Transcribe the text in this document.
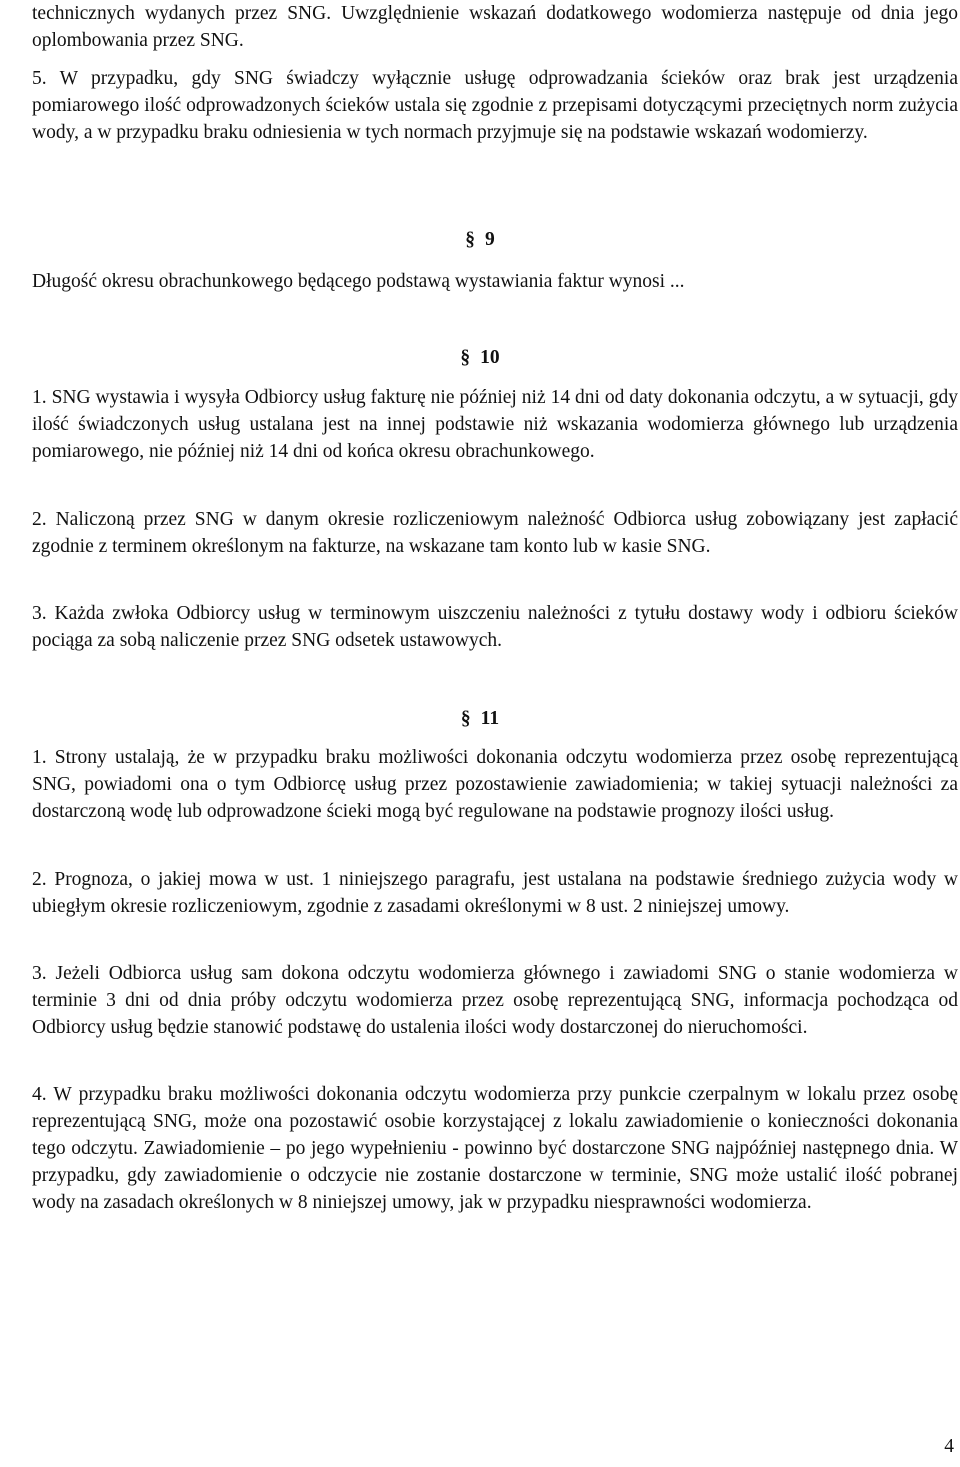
technicznych wydanych przez SNG. Uwzględnienie wskazań dodatkowego wodomierza następuje od dnia jego oplombowania przez SNG.

5. W przypadku, gdy SNG świadczy wyłącznie usługę odprowadzania ścieków oraz brak jest urządzenia pomiarowego ilość odprowadzonych ścieków ustala się zgodnie z przepisami dotyczącymi przeciętnych norm zużycia wody, a w przypadku braku odniesienia w tych normach przyjmuje się na podstawie wskazań wodomierzy.

§ 9

Długość okresu obrachunkowego będącego podstawą wystawiania faktur wynosi ...

§ 10

1. SNG wystawia i wysyła Odbiorcy usług fakturę nie później niż 14 dni od daty dokonania odczytu, a w sytuacji, gdy ilość świadczonych usług ustalana jest na innej podstawie niż wskazania wodomierza głównego lub urządzenia pomiarowego, nie później niż 14 dni od końca okresu obrachunkowego.

2. Naliczoną przez SNG w danym okresie rozliczeniowym należność Odbiorca usług zobowiązany jest zapłacić zgodnie z terminem określonym na fakturze, na wskazane tam konto lub w kasie SNG.

3. Każda zwłoka Odbiorcy usług w terminowym uiszczeniu należności z tytułu dostawy wody i odbioru ścieków pociąga za sobą naliczenie przez SNG odsetek ustawowych.

§ 11

1. Strony ustalają, że w przypadku braku możliwości dokonania odczytu wodomierza przez osobę reprezentującą SNG, powiadomi ona o tym Odbiorcę usług przez pozostawienie zawiadomienia; w takiej sytuacji należności za dostarczoną wodę lub odprowadzone ścieki mogą być regulowane na podstawie prognozy ilości usług.

2. Prognoza, o jakiej mowa w ust. 1 niniejszego paragrafu, jest ustalana na podstawie średniego zużycia wody w ubiegłym okresie rozliczeniowym, zgodnie z zasadami określonymi w 8 ust. 2 niniejszej umowy.

3. Jeżeli Odbiorca usług sam dokona odczytu wodomierza głównego i zawiadomi SNG o stanie wodomierza w terminie 3 dni od dnia próby odczytu wodomierza przez osobę reprezentującą SNG, informacja pochodząca od Odbiorcy usług będzie stanowić podstawę do ustalenia ilości wody dostarczonej do nieruchomości.

4. W przypadku braku możliwości dokonania odczytu wodomierza przy punkcie czerpalnym w lokalu przez osobę reprezentującą SNG, może ona pozostawić osobie korzystającej z lokalu zawiadomienie o konieczności dokonania tego odczytu. Zawiadomienie – po jego wypełnieniu - powinno być dostarczone SNG najpóźniej następnego dnia. W przypadku, gdy zawiadomienie o odczycie nie zostanie dostarczone w terminie, SNG może ustalić ilość pobranej wody na zasadach określonych w 8 niniejszej umowy, jak w przypadku niesprawności wodomierza.

4
